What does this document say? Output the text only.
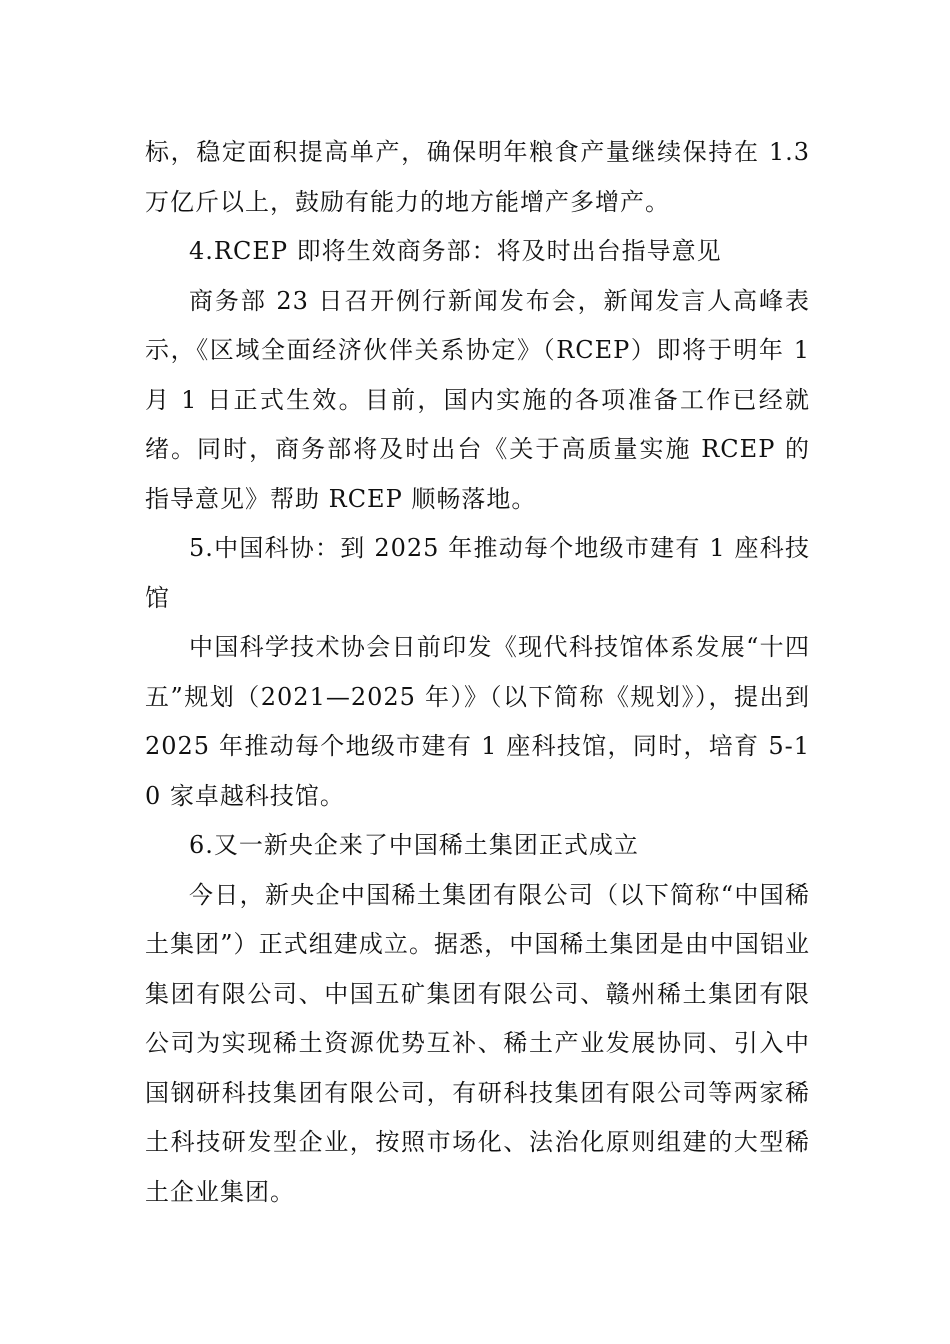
标，稳定面积提高单产，确保明年粮食产量继续保持在 1.3 万亿斤以上，鼓励有能力的地方能增产多增产。

4.RCEP 即将生效商务部：将及时出台指导意见

商务部 23 日召开例行新闻发布会，新闻发言人高峰表示，《区域全面经济伙伴关系协定》（RCEP）即将于明年 1 月 1 日正式生效。目前，国内实施的各项准备工作已经就绪。同时，商务部将及时出台《关于高质量实施 RCEP 的指导意见》帮助 RCEP 顺畅落地。

5.中国科协：到 2025 年推动每个地级市建有 1 座科技馆

中国科学技术协会日前印发《现代科技馆体系发展“十四五”规划（2021—2025 年）》（以下简称《规划》），提出到 2025 年推动每个地级市建有 1 座科技馆，同时，培育 5-10 家卓越科技馆。

6.又一新央企来了中国稀土集团正式成立

今日，新央企中国稀土集团有限公司（以下简称“中国稀土集团”）正式组建成立。据悉，中国稀土集团是由中国铝业集团有限公司、中国五矿集团有限公司、赣州稀土集团有限公司为实现稀土资源优势互补、稀土产业发展协同、引入中国钢研科技集团有限公司，有研科技集团有限公司等两家稀土科技研发型企业，按照市场化、法治化原则组建的大型稀土企业集团。
